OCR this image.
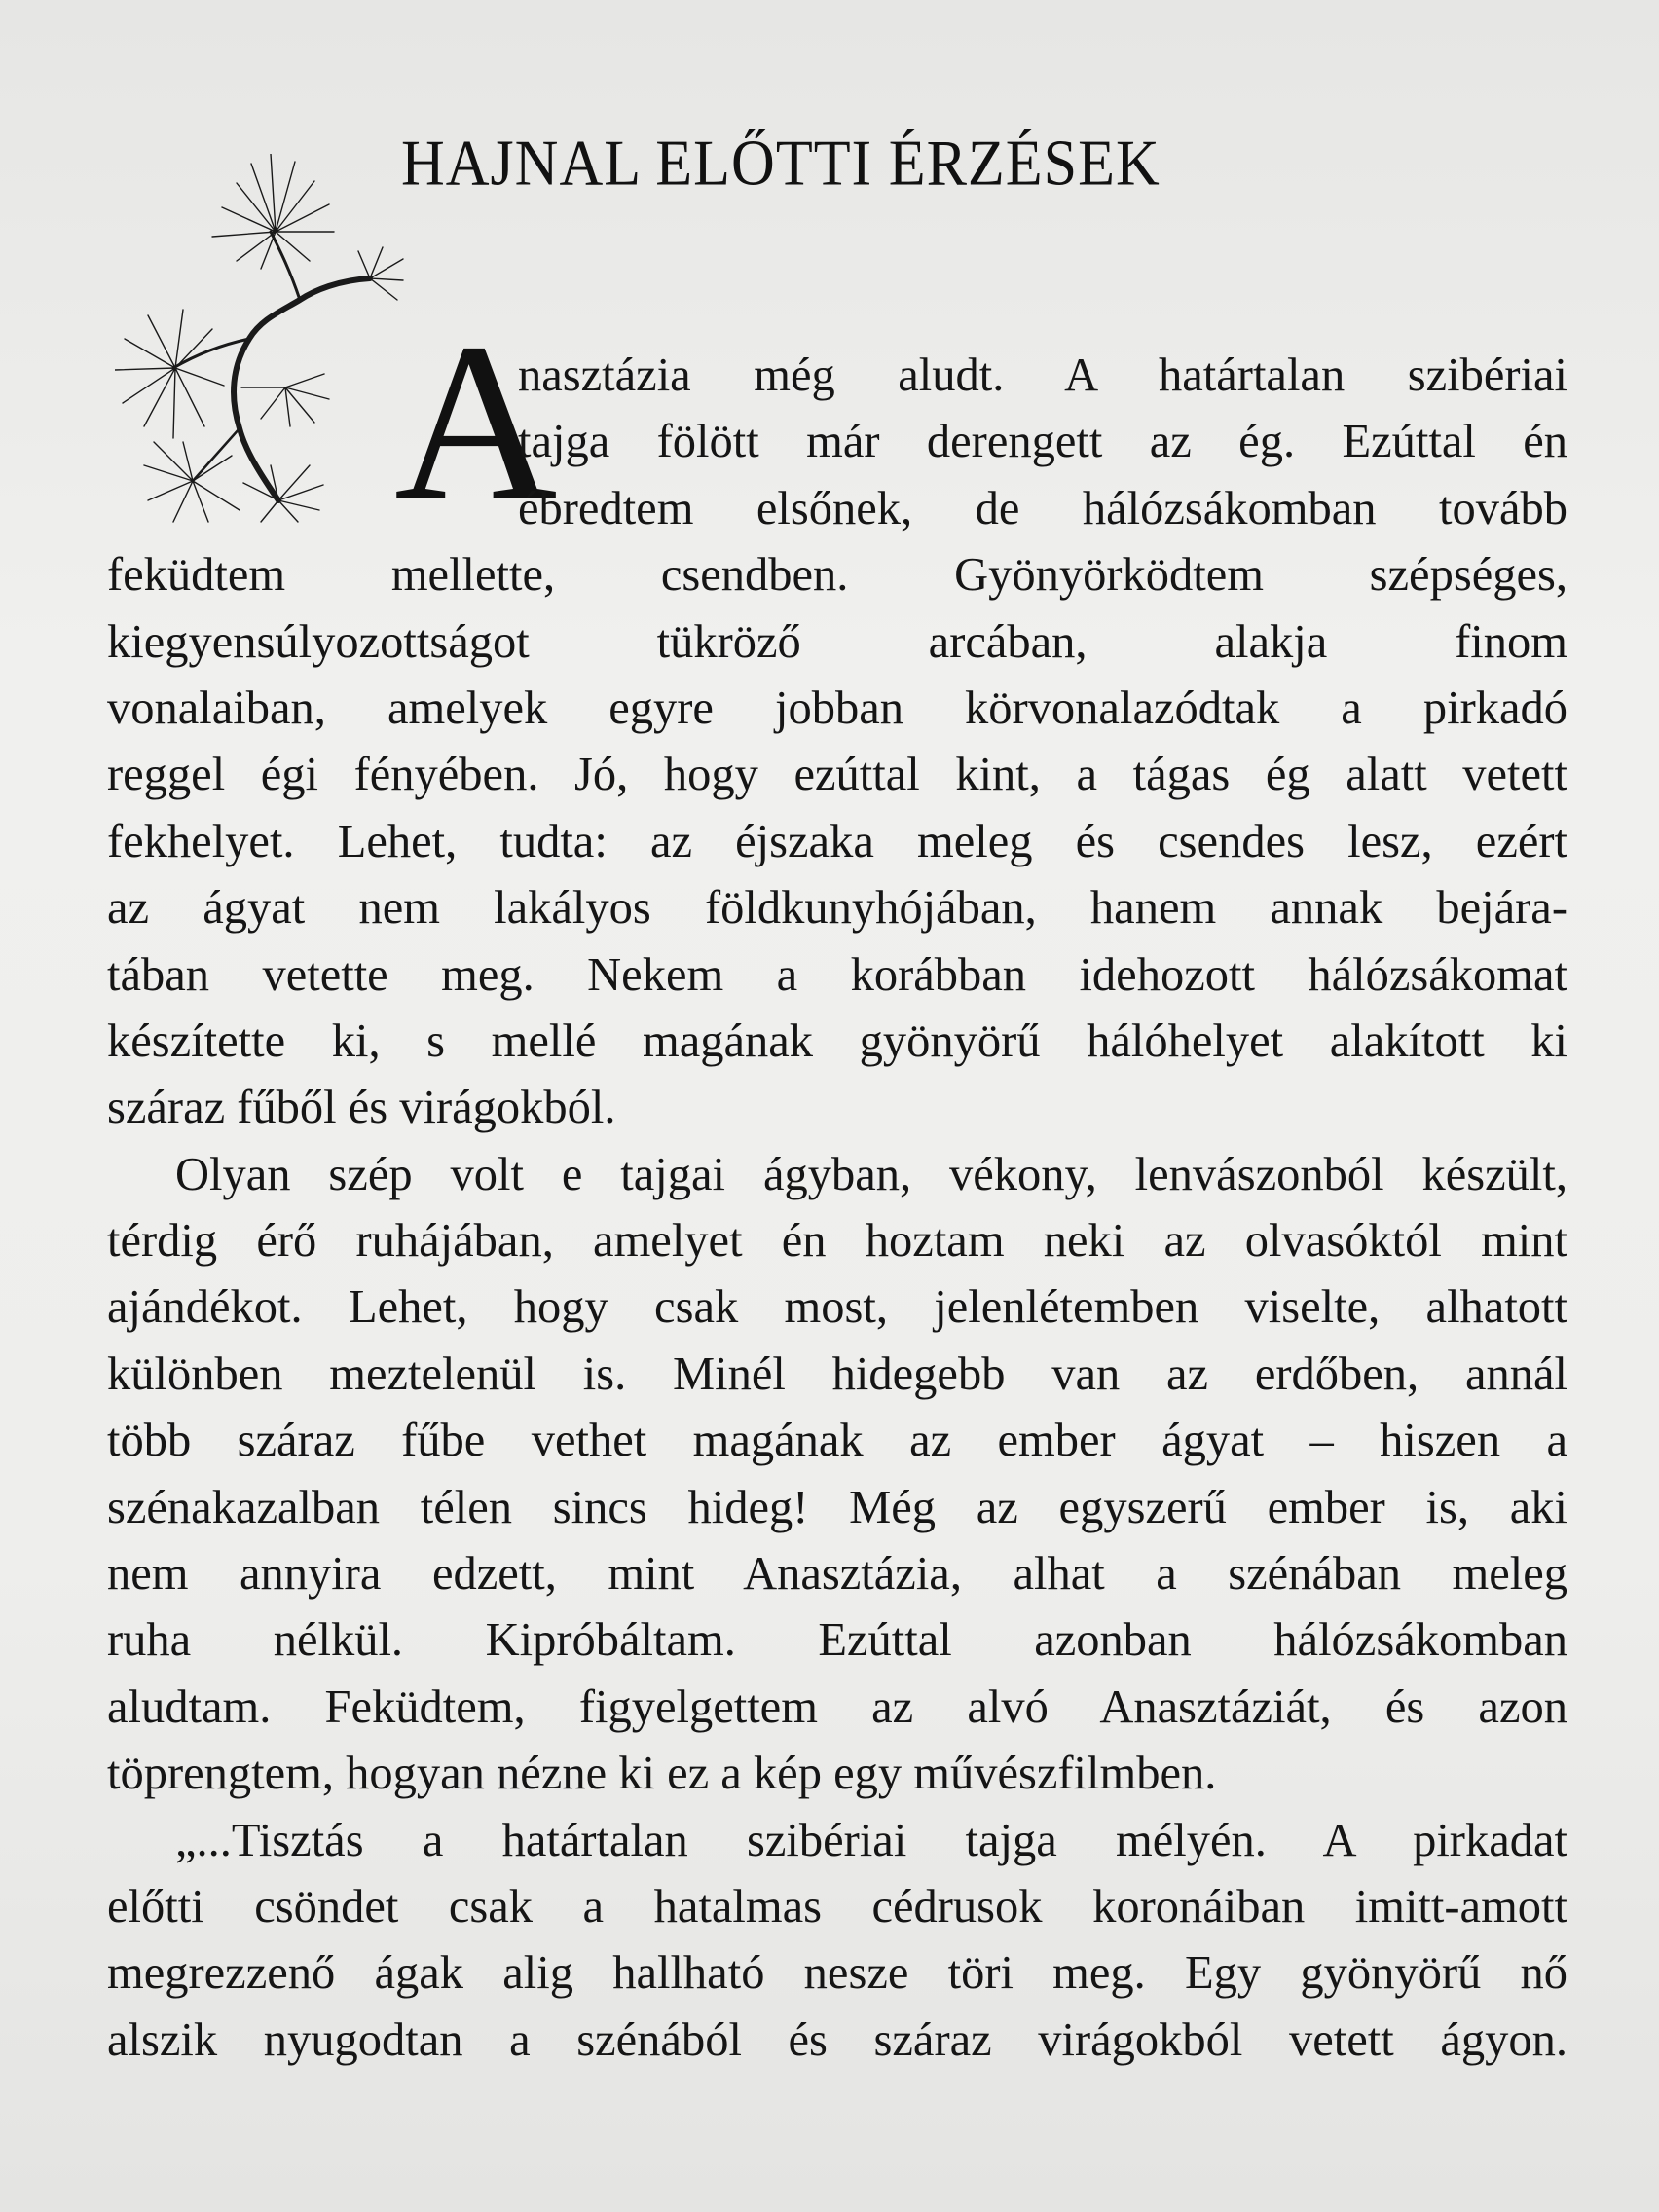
HAJNAL ELŐTTI ÉRZÉSEK
A
nasztázia még aludt. A határtalan szibériai
tajga fölött már derengett az ég. Ezúttal én
ébredtem elsőnek, de hálózsákomban tovább
feküdtem mellette, csendben. Gyönyörködtem szépséges,
kiegyensúlyozottságot tükröző arcában, alakja finom
vonalaiban, amelyek egyre jobban körvonalazódtak a pirkadó
reggel égi fényében. Jó, hogy ezúttal kint, a tágas ég alatt vetett
fekhelyet. Lehet, tudta: az éjszaka meleg és csendes lesz, ezért
az ágyat nem lakályos földkunyhójában, hanem annak bejára-
tában vetette meg. Nekem a korábban idehozott hálózsákomat
készítette ki, s mellé magának gyönyörű hálóhelyet alakított ki
száraz fűből és virágokból.
Olyan szép volt e tajgai ágyban, vékony, lenvászonból készült,
térdig érő ruhájában, amelyet én hoztam neki az olvasóktól mint
ajándékot. Lehet, hogy csak most, jelenlétemben viselte, alhatott
különben meztelenül is. Minél hidegebb van az erdőben, annál
több száraz fűbe vethet magának az ember ágyat – hiszen a
szénakazalban télen sincs hideg! Még az egyszerű ember is, aki
nem annyira edzett, mint Anasztázia, alhat a szénában meleg
ruha nélkül. Kipróbáltam. Ezúttal azonban hálózsákomban
aludtam. Feküdtem, figyelgettem az alvó Anasztáziát, és azon
töprengtem, hogyan nézne ki ez a kép egy művészfilmben.
„...Tisztás a határtalan szibériai tajga mélyén. A pirkadat
előtti csöndet csak a hatalmas cédrusok koronáiban imitt-amott
megrezzenő ágak alig hallható nesze töri meg. Egy gyönyörű nő
alszik nyugodtan a szénából és száraz virágokból vetett ágyon.
